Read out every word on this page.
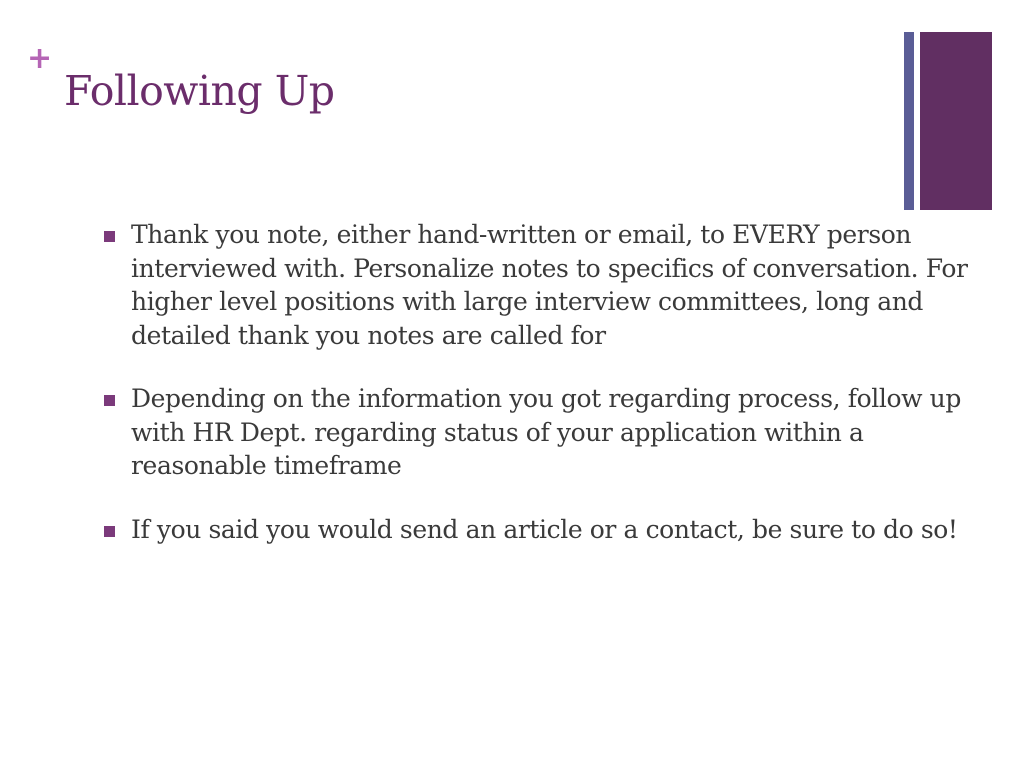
+
Following Up
Thank you note, either hand-written or email, to EVERY person interviewed with. Personalize notes to specifics of conversation. For higher level positions with large interview committees, long and detailed thank you notes are called for
Depending on the information you got regarding process, follow up with HR Dept. regarding status of your application within a reasonable timeframe
If you said you would send an article or a contact, be sure to do so!
